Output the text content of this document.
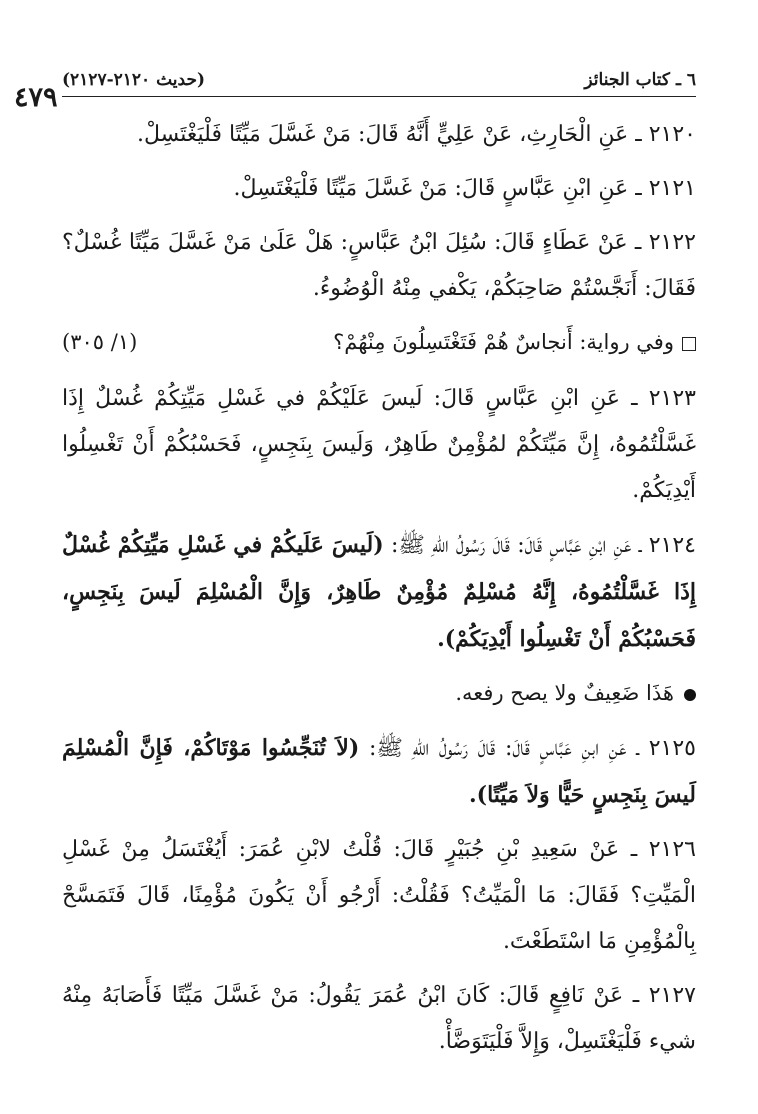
٤٧٩
٦ ـ كتاب الجنائز
(حديث ٢١٢٠-٢١٢٧)

٢١٢٠ ـ عَنِ الْحَارِثِ، عَنْ عَلِيٍّ أَنَّهُ قَالَ: مَنْ غَسَّلَ مَيِّتًا فَلْيَغْتَسِلْ.

٢١٢١ ـ عَنِ ابْنِ عَبَّاسٍ قَالَ: مَنْ غَسَّلَ مَيِّتًا فَلْيَغْتَسِلْ.

٢١٢٢ ـ عَنْ عَطَاءٍ قَالَ: سُئِلَ ابْنُ عَبَّاسٍ: هَلْ عَلَىٰ مَنْ غَسَّلَ مَيِّتًا غُسْلٌ؟ فَقَالَ: أَنَجَّسْتُمْ صَاحِبَكُمْ، يَكْفي مِنْهُ الْوُضُوءُ.

وفي رواية: أَنجاسٌ هُمْ فَتَغْتَسِلُونَ مِنْهُمْ؟
(١/ ٣٠٥)

٢١٢٣ ـ عَنِ ابْنِ عَبَّاسٍ قَالَ: لَيسَ عَلَيْكُمْ في غَسْلِ مَيِّتِكُمْ غُسْلٌ إِذَا غَسَّلْتُمُوهُ، إِنَّ مَيِّتَكُمْ لمُؤْمِنٌ طَاهِرٌ، وَلَيسَ بِنَجِسٍ، فَحَسْبُكُمْ أَنْ تَغْسِلُوا أَيْدِيَكُمْ.

٢١٢٤ ـ عَنِ ابْنِ عَبَّاسٍ قَالَ: قَالَ رَسُولُ اللهِ ﷺ: (لَيسَ عَلَيكُمْ في غَسْلِ مَيِّتِكُمْ غُسْلٌ إِذَا غَسَّلْتُمُوهُ، إِنَّهُ مُسْلِمٌ مُؤْمِنٌ طَاهِرٌ، وَإِنَّ الْمُسْلِمَ لَيسَ بِنَجِسٍ، فَحَسْبُكُمْ أَنْ تَغْسِلُوا أَيْدِيَكُمْ).

هَذَا ضَعِيفٌ ولا يصح رفعه.

٢١٢٥ ـ عَنِ ابنِ عَبَّاسٍ قَالَ: قَالَ رَسُولُ اللهِ ﷺ: (لاَ تُنَجِّسُوا مَوْتَاكُمْ، فَإِنَّ الْمُسْلِمَ لَيسَ بِنَجِسٍ حَيًّا وَلاَ مَيِّتًا).

٢١٢٦ ـ عَنْ سَعِيدِ بْنِ جُبَيْرٍ قَالَ: قُلْتُ لابْنِ عُمَرَ: أَيُغْتَسَلُ مِنْ غَسْلِ الْمَيِّتِ؟ فَقَالَ: مَا الْمَيِّتُ؟ فَقُلْتُ: أَرْجُو أَنْ يَكُونَ مُؤْمِنًا، قَالَ فَتَمَسَّحْ بِالْمُؤْمِنِ مَا اسْتَطَعْتَ.

٢١٢٧ ـ عَنْ نَافِعٍ قَالَ: كَانَ ابْنُ عُمَرَ يَقُولُ: مَنْ غَسَّلَ مَيِّتًا فَأَصَابَهُ مِنْهُ شيء فَلْيَغْتَسِلْ، وَإِلاَّ فَلْيَتَوَضَّأْ.
